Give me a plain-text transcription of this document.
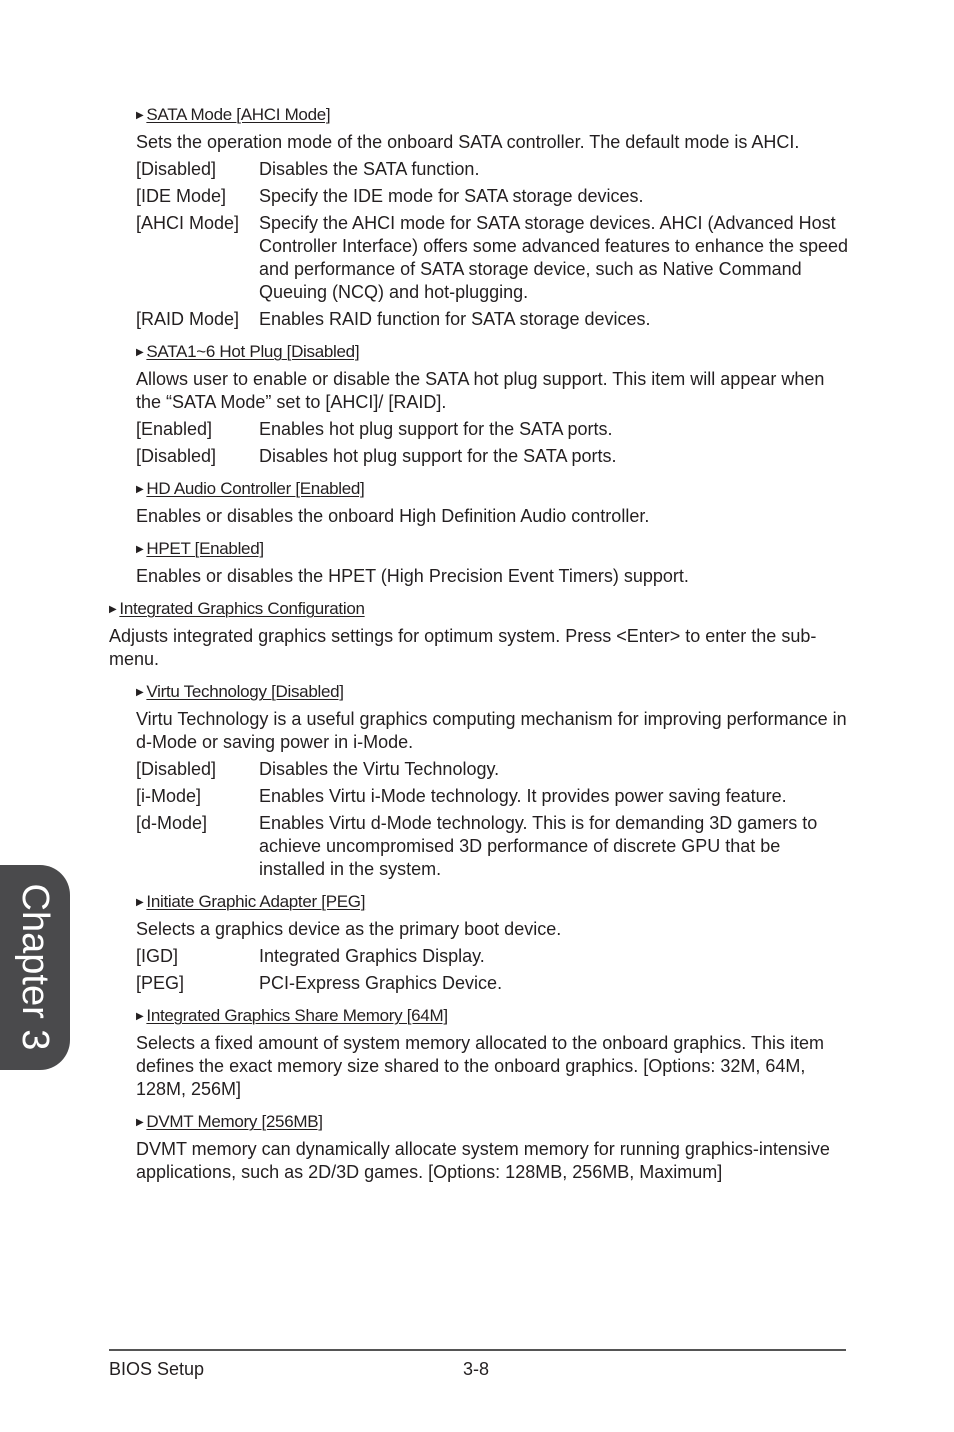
Chapter 3
▶ SATA Mode [AHCI Mode]
Sets the operation mode of the onboard SATA controller. The default mode is AHCI.
[Disabled]	Disables the SATA function.
[IDE Mode]	Specify the IDE mode for SATA storage devices.
[AHCI Mode]	Specify the AHCI mode for SATA storage devices. AHCI (Advanced Host Controller Interface) offers some advanced features to enhance the speed and performance of SATA storage device, such as Native Command Queuing (NCQ) and hot-plugging.
[RAID Mode]	Enables RAID function for SATA storage devices.
▶ SATA1~6 Hot Plug [Disabled]
Allows user to enable or disable the SATA hot plug support. This item will appear when the “SATA Mode” set to [AHCI]/ [RAID].
[Enabled]	Enables hot plug support for the SATA ports.
[Disabled]	Disables hot plug support for the SATA ports.
▶ HD Audio Controller [Enabled]
Enables or disables the onboard High Definition Audio controller.
▶ HPET [Enabled]
Enables or disables the HPET (High Precision Event Timers) support.
▶ Integrated Graphics Configuration
Adjusts integrated graphics settings for optimum system. Press <Enter> to enter the sub-menu.
▶ Virtu Technology [Disabled]
Virtu Technology is a useful graphics computing mechanism for improving performance in d-Mode or saving power in i-Mode.
[Disabled]	Disables the Virtu Technology.
[i-Mode]	Enables Virtu i-Mode technology. It provides power saving feature.
[d-Mode]	Enables Virtu d-Mode technology. This is for demanding 3D gamers to achieve uncompromised 3D performance of discrete GPU that be installed in the system.
▶ Initiate Graphic Adapter [PEG]
Selects a graphics device as the primary boot device.
[IGD]	Integrated Graphics Display.
[PEG]	PCI-Express Graphics Device.
▶ Integrated Graphics Share Memory [64M]
Selects a fixed amount of system memory allocated to the onboard graphics. This item defines the exact memory size shared to the onboard graphics. [Options: 32M, 64M, 128M, 256M]
▶ DVMT Memory [256MB]
DVMT memory can dynamically allocate system memory for running graphics-intensive applications, such as 2D/3D games. [Options: 128MB, 256MB, Maximum]
BIOS Setup	3-8
